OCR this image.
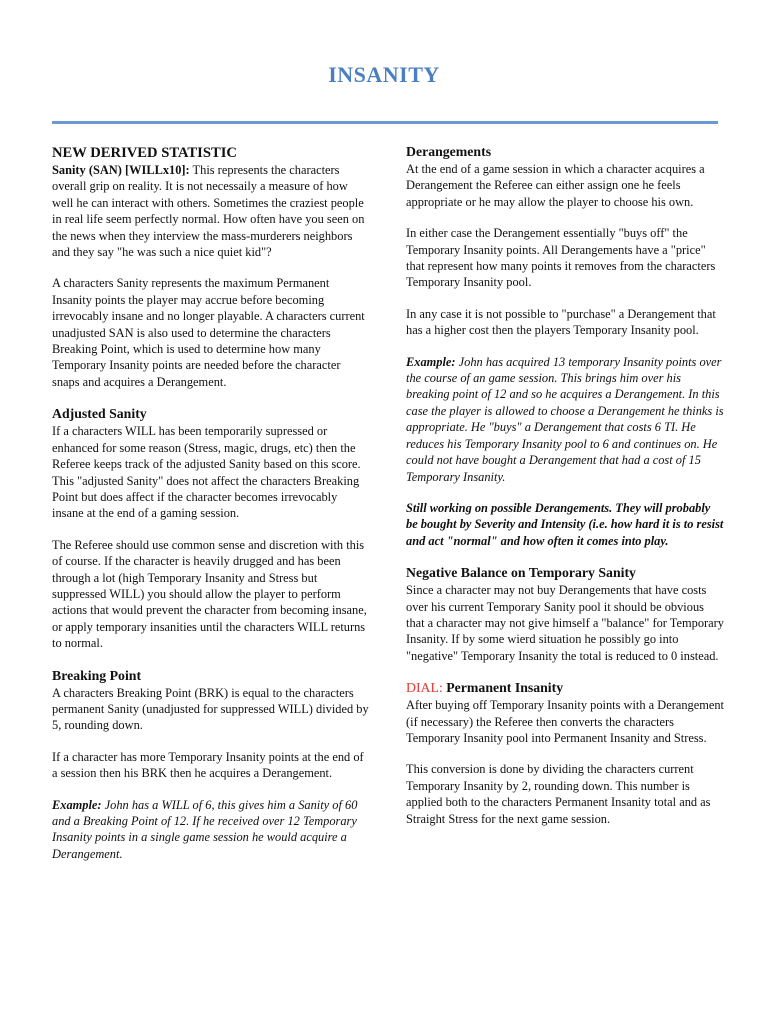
INSANITY
NEW DERIVED STATISTIC

Sanity (SAN) [WILLx10]: This represents the characters overall grip on reality. It is not necessaily a measure of how well he can interact with others. Sometimes the craziest people in real life seem perfectly normal. How often have you seen on the news when they interview the mass-murderers neighbors and they say "he was such a nice quiet kid"?

A characters Sanity represents the maximum Permanent Insanity points the player may accrue before becoming irrevocably insane and no longer playable. A characters current unadjusted SAN is also used to determine the characters Breaking Point, which is used to determine how many Temporary Insanity points are needed before the character snaps and acquires a Derangement.

Adjusted Sanity

If a characters WILL has been temporarily supressed or enhanced for some reason (Stress, magic, drugs, etc) then the Referee keeps track of the adjusted Sanity based on this score. This "adjusted Sanity" does not affect the characters Breaking Point but does affect if the character becomes irrevocably insane at the end of a gaming session.

The Referee should use common sense and discretion with this of course. If the character is heavily drugged and has been through a lot (high Temporary Insanity and Stress but suppressed WILL) you should allow the player to perform actions that would prevent the character from becoming insane, or apply temporary insanities until the characters WILL returns to normal.

Breaking Point

A characters Breaking Point (BRK) is equal to the characters permanent Sanity (unadjusted for suppressed WILL) divided by 5, rounding down.

If a character has more Temporary Insanity points at the end of a session then his BRK then he acquires a Derangement.

Example: John has a WILL of 6, this gives him a Sanity of 60 and a Breaking Point of 12. If he received over 12 Temporary Insanity points in a single game session he would acquire a Derangement.

Derangements

At the end of a game session in which a character acquires a Derangement the Referee can either assign one he feels appropriate or he may allow the player to choose his own.

In either case the Derangement essentially "buys off" the Temporary Insanity points. All Derangements have a "price" that represent how many points it removes from the characters Temporary Insanity pool.

In any case it is not possible to "purchase" a Derangement that has a higher cost then the players Temporary Insanity pool.

Example: John has acquired 13 temporary Insanity points over the course of an game session. This brings him over his breaking point of 12 and so he acquires a Derangement. In this case the player is allowed to choose a Derangement he thinks is appropriate. He "buys" a Derangement that costs 6 TI. He reduces his Temporary Insanity pool to 6 and continues on. He could not have bought a Derangement that had a cost of 15 Temporary Insanity.

Still working on possible Derangements. They will probably be bought by Severity and Intensity (i.e. how hard it is to resist and act "normal" and how often it comes into play.

Negative Balance on Temporary Sanity

Since a character may not buy Derangements that have costs over his current Temporary Sanity pool it should be obvious that a character may not give himself a "balance" for Temporary Insanity. If by some wierd situation he possibly go into "negative" Temporary Insanity the total is reduced to 0 instead.

DIAL: Permanent Insanity

After buying off Temporary Insanity points with a Derangement (if necessary) the Referee then converts the characters Temporary Insanity pool into Permanent Insanity and Stress.

This conversion is done by dividing the characters current Temporary Insanity by 2, rounding down. This number is applied both to the characters Permanent Insanity total and as Straight Stress for the next game session.
